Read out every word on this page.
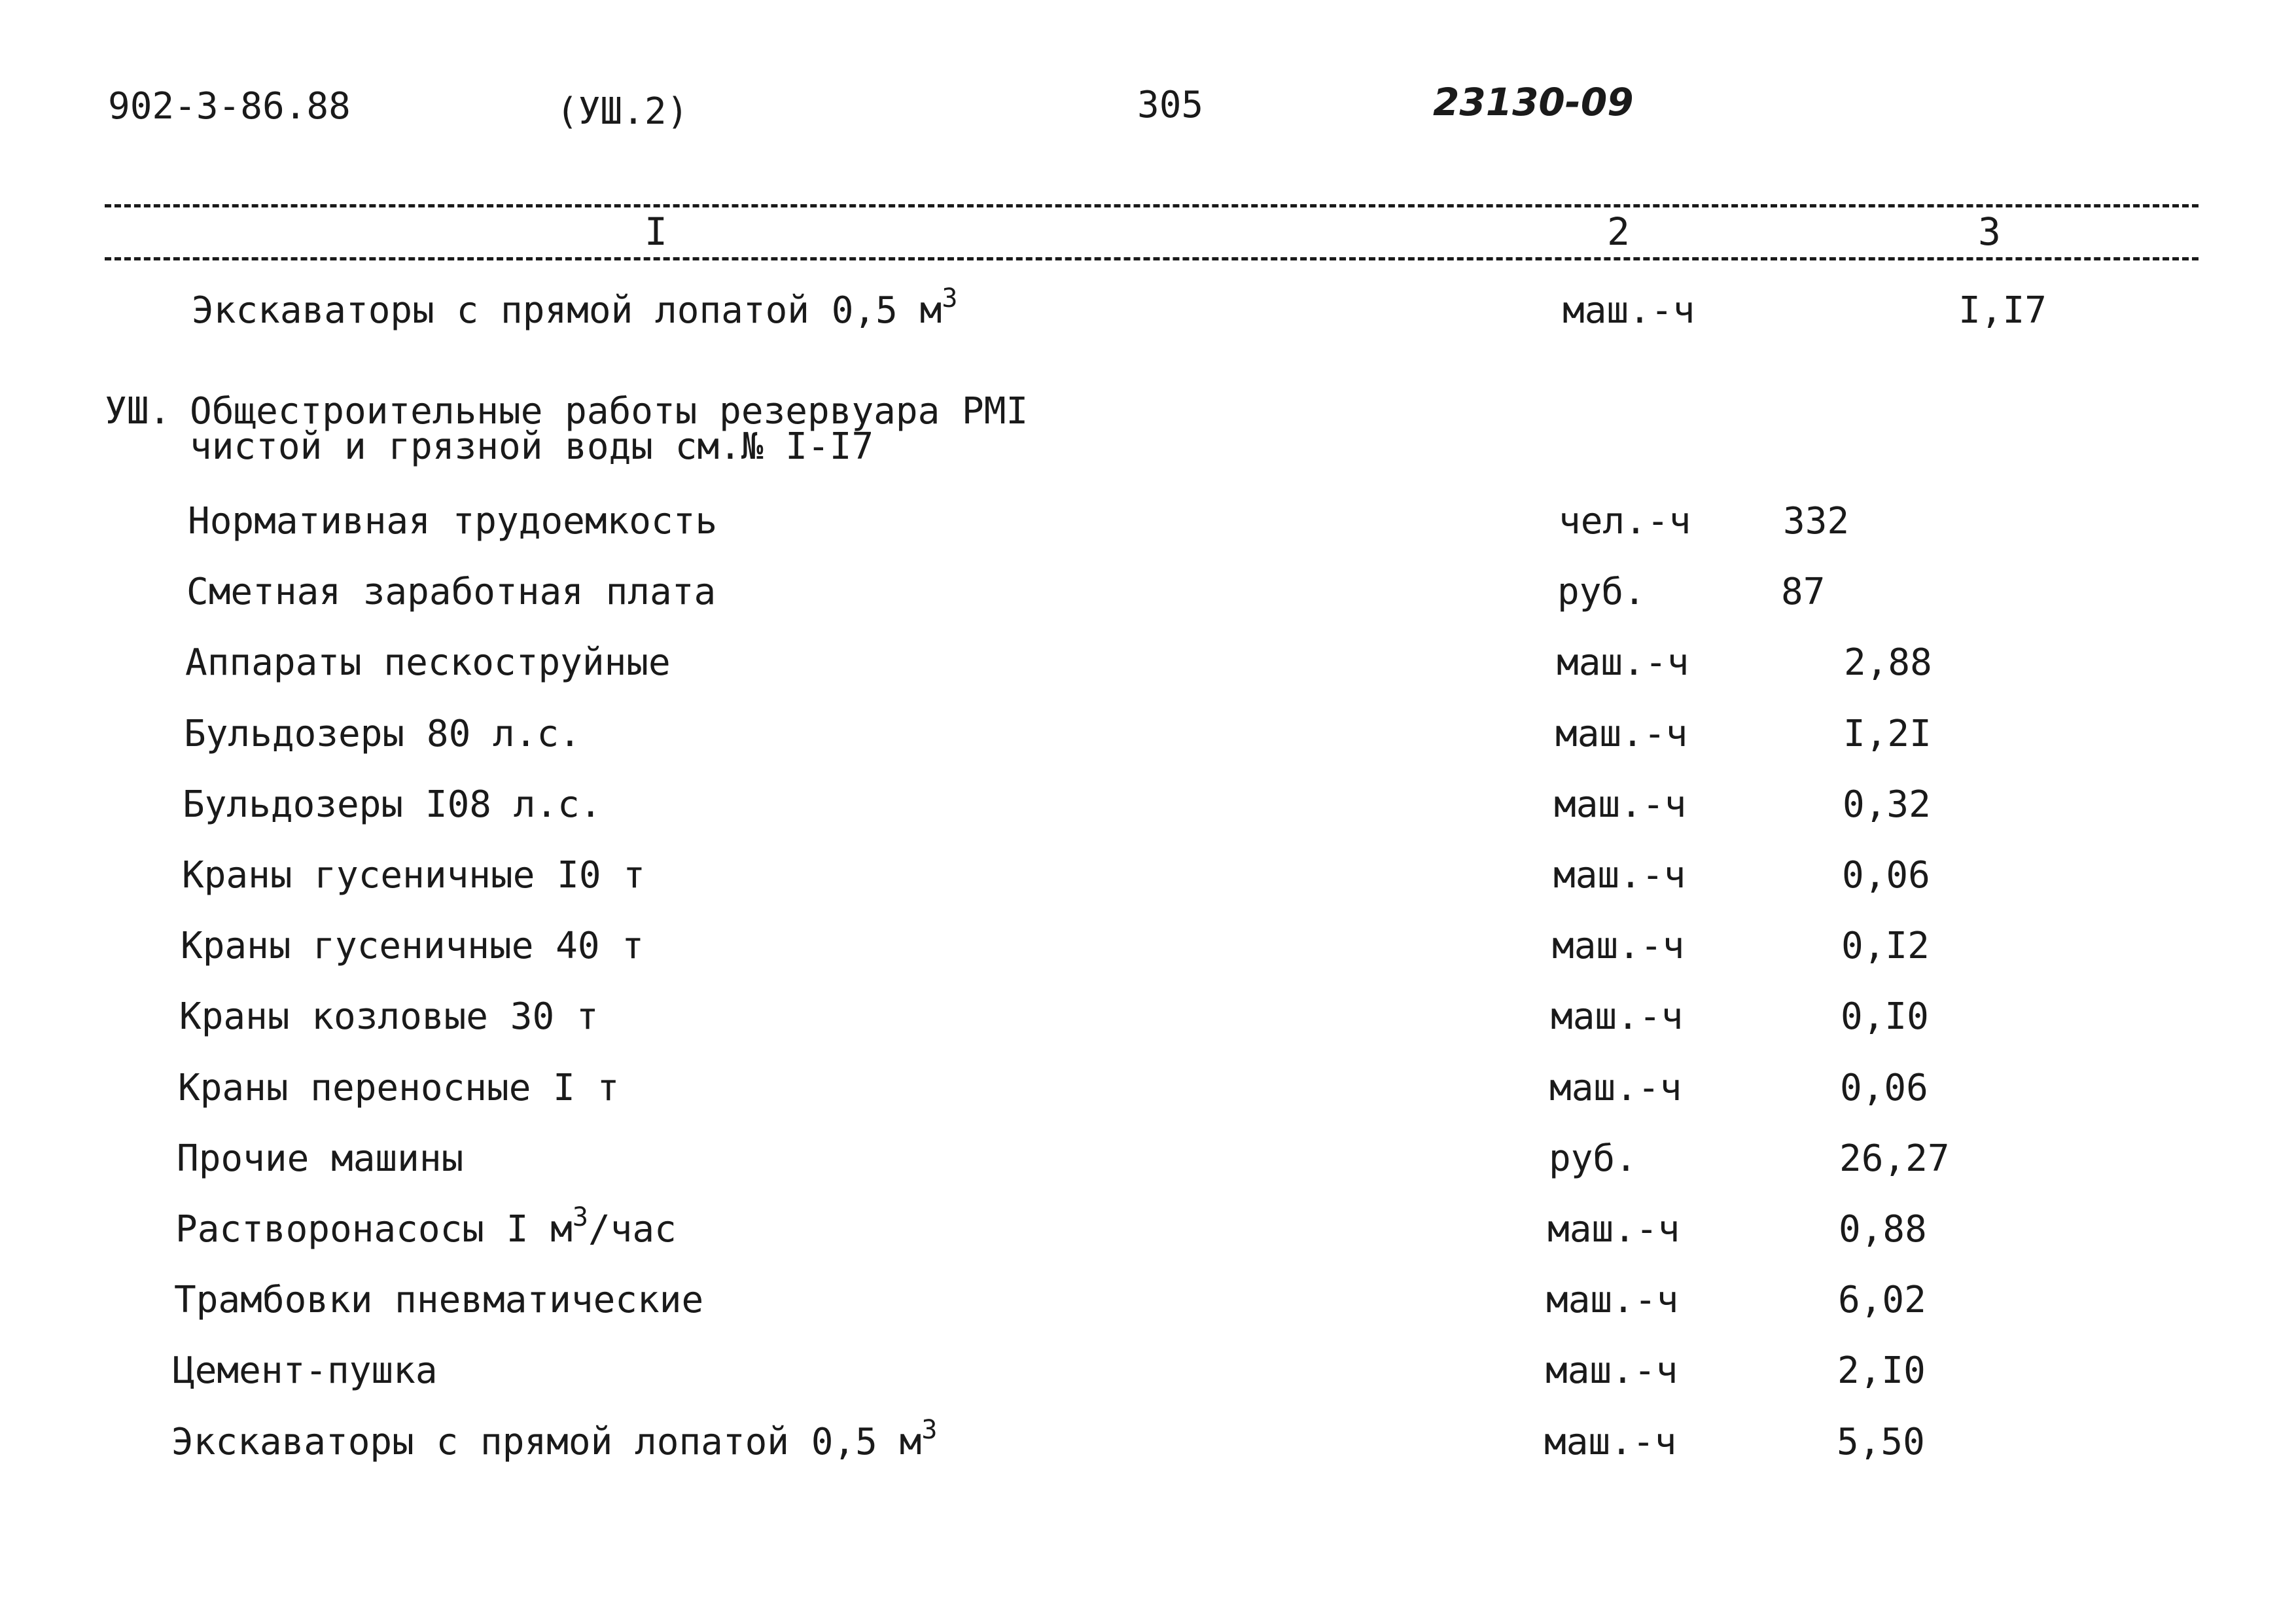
902-3-86.88	(УШ.2)	305	23130-09
I	2	3
Экскаваторы с прямой лопатой 0,5 $м^3$	маш.-ч	I,I7
УШ. Общестроительные работы резервуара РМI
чистой и грязной воды см.№ I-I7
Нормативная трудоемкость	чел.-ч	332
Сметная заработная плата	руб.	87
Аппараты пескоструйные	маш.-ч	2,88
Бульдозеры 80 л.с.	маш.-ч	I,2I
Бульдозеры I08 л.с.	маш.-ч	0,32
Краны гусеничные I0 т	маш.-ч	0,06
Краны гусеничные 40 т	маш.-ч	0,I2
Краны козловые 30 т	маш.-ч	0,I0
Краны переносные I т	маш.-ч	0,06
Прочие машины	руб.	26,27
Растворонасосы I $м^3$/час	маш.-ч	0,88
Трамбовки пневматические	маш.-ч	6,02
Цемент-пушка	маш.-ч	2,I0
Экскаваторы с прямой лопатой 0,5 $м^3$	маш.-ч	5,50
